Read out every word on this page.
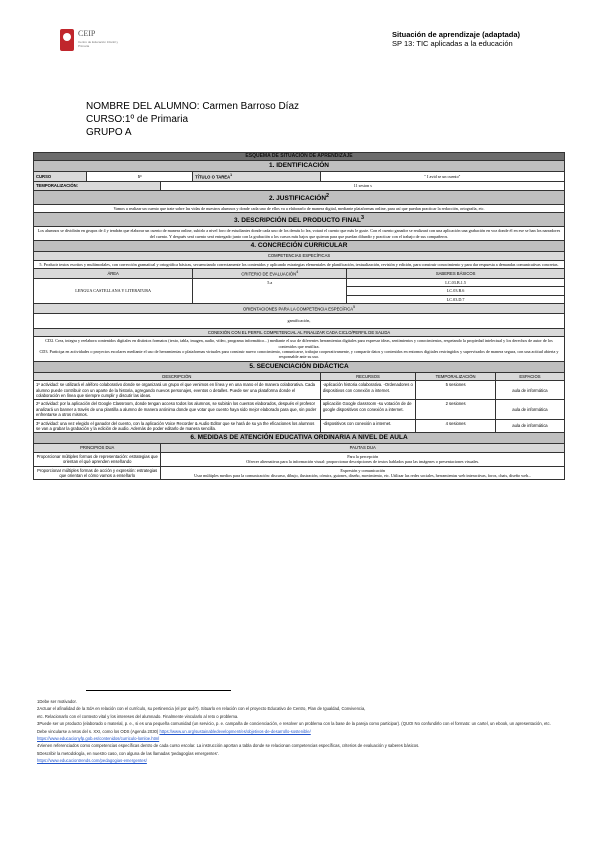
CEIP
Centro de Educación Infantil y Primaria
Situación de aprendizaje (adaptada)
SP 13: TIC aplicadas a la educación
NOMBRE DEL ALUMNO: Carmen Barroso Díaz
CURSO:1º de Primaria
GRUPO A
ESQUEMA DE SITUACIÓN DE APRENDIZAJE							
1. IDENTIFICACIÓN							
CURSO	5º		TÍTULO O TAREA$^1$	" I avid se un cuento"			
TEMPORALIZACIÓN:		11 sesion s					
2. JUSTIFICACIÓN$^2$
Vamos a realizar un cuento que trate sobre las vidas de nuestros alumnos y donde cada uno de ellos va a elaborarlo de manera digital, mediante plataformas online, para así que puedan practicar la redacción, ortografía, etc.							
3. DESCRIPCIÓN DEL PRODUCTO FINAL$^3$
Los alumnos se dividirán en grupos de 4 y tendrán que elaborar un cuento de manera online, subirlo a nivel foro de estudiantes donde cada uno de los demás lo lea, votará el cuento que más le guste. Con el cuento ganador se realizará con una aplicación una grabación en voz donde él en ese se han los narradores del cuento. Y después será cuento será entregado junto con la grabación a los cursos más bajos que quieran para que puedan difundir y practicar con el trabajo de sus compañeros.							
4. CONCRECIÓN CURRICULAR							
COMPETENCIAS ESPECÍFICAS							
5. Producir textos escritos y multimodales, con corrección gramatical y ortográfica básicas, secuenciando correctamente los contenidos y aplicando estrategias elementales de planificación, textualización, revisión y edición, para construir conocimiento y para dar respuesta a demandas comunicativas concretas.							
ÁREA			CRITERIO DE EVALUACIÓN$^4$		SABERES BÁSICOS		
LENGUA CASTELLANA Y LITERATURA			5.a		LC.03.B.1.5		
					LC.03.B.6		
					LC.03.D.7		
ORIENTACIONES PARA LA COMPETENCIA ESPECÍFICA$^5$
gamificación,							
CONEXIÓN CON EL PERFIL COMPETENCIAL AL FINALIZAR CADA CICLO/PERFIL DE SALIDA							

CD2. Crea, integra y reelabora contenidos digitales en distintos formatos (texto, tabla, imagen, audio, vídeo, programa informático...) mediante el uso de diferentes herramientas digitales para expresar ideas, sentimientos y conocimientos, respetando la propiedad intelectual y los derechos de autor de los contenidos que reutiliza.
CD3. Participa en actividades o proyectos escolares mediante el uso de herramientas o plataformas virtuales para construir nuevo conocimiento, comunicarse, trabajar cooperativamente, y compartir datos y contenidos en entornos digitales restringidos y supervisados de manera segura, con una actitud abierta y responsable ante su uso.							

5. SECUENCIACIÓN DIDÁCTICA							
DESCRIPCIÓN				RECURSOS		TEMPORALIZACIÓN	ESPACIOS
1º actividad: se utilizará el aléforo colaborativo donde se organizará un grupo el que venimos en línea y en una mano el de manera colaborativa. Cada alumno puede contribuir con un aparte de la historia, agregando nuevos personajes, eventos o detalles. Puede ser una plataforma donde el colaboración en línea que siempre cumplir y discutir las ideas.				-aplicación historia colaborativa. -Ordenadores o dispositivos con conexión a internet.		5 sesiones	aula de informática
2º actividad: por la aplicación del Google Classroom, donde tengan acceso todos los alumnos, se subirán los cuentos elaborados, después el profesor analizará un banner a través de una plantilla a alumno de manera anónima donde que votar que cuento haya sido mejor elaborado para que, sin poder enfrentarse a otros mismos.				aplicación Google classroom -su votación de de google dispositivos con conexión a internet.		2 sesiones	aula de informática
3º actividad: una vez elegido el ganador del cuento, con la aplicación Voice Recorder & Audio Editor que se hará de su ya the eficaciones los alumnos se van a grabar la grabación y la edición de audio. Además de poder editarlo de manera sencilla.				-dispositivos con conexión a internet.		4 sesiones	aula de informática
6. MEDIDAS DE ATENCIÓN EDUCATIVA ORDINARIA A NIVEL DE AULA							
PRINCIPIOS DUA		PAUTAS DUA					
Proporcionar múltiples formas de representación: estrategias que orientan el qué aprenden enseñando		Para la percepción
Ofrecer alternativas para la información visual: proporcionar descripciones de textos hablados para las imágenes o presentaciones visuales.					

Proporcionar múltiples formas de acción y expresión: estrategias que orientan el cómo vamos a enseñarlo		Expresión y comunicación
Usar múltiples medios para la comunicación: discurso, dibujo, ilustración, cómics, guiones, diseño, movimiento, etc. Utilizar las redes sociales, herramientas web interactivas, foros, chats, diseño web...					
1Debe ser motivador.
2Actuar el afinalidad de la SdA en relación con el currículo, su pertinencia (el por qué?). Situarlo en relación con el proyecto Educativo de Centro, Plan de Igualdad, Convivencia,
etc. Relacionarlo con el contexto vital y los intereses del alumnado. Finalmente vincularlo al reto o problema.
3Puede ser un producto (elaborado o material, p. e., si es una pequeña comunidad (un servicio, p. e. campaña de concienciación, e resolver un problema con la base de la pareja como participar). (QUOI No confundirlo con el formato: un cartel, un ebook, un apresentación, etc.
Debe vincularse a retos del s. XXI, como los ODS (Agenda 2030) https://www.un.org/sustainabledevelopment/es/objetivos-de-desarrollo-sostenible/
https://www.educacionyfp.gob.es/contenidos/curriculo-lomloe.html
4Vienen referenciados como competencias específicas dentro de cada curso escolar. La instrucción aportan a tabla donde se relacionan competencias específicas, criterios de evaluación y saberes básicos.
5Describir la metodología, en nuestro caso, con alguna de las llamadas 'pedagogías emergentes'.
https://www.educaciontrends.com/pedagogias-emergentes/
